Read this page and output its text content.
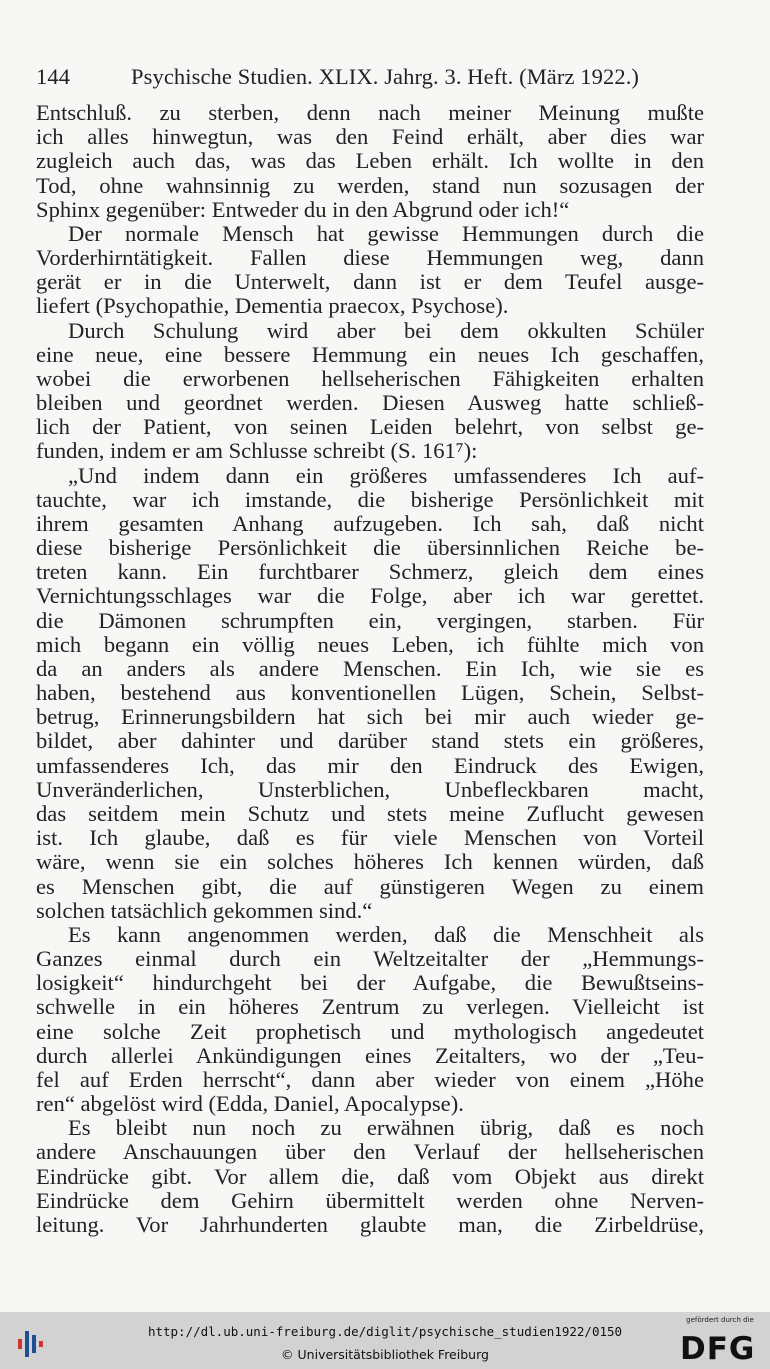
144	Psychische Studien. XLIX. Jahrg. 3. Heft. (März 1922.)
Entschluß. zu sterben, denn nach meiner Meinung mußte
ich alles hinwegtun, was den Feind erhält, aber dies war
zugleich auch das, was das Leben erhält. Ich wollte in den
Tod, ohne wahnsinnig zu werden, stand nun sozusagen der
Sphinx gegenüber: Entweder du in den Abgrund oder ich!“
Der normale Mensch hat gewisse Hemmungen durch die
Vorderhirntätigkeit. Fallen diese Hemmungen weg, dann
gerät er in die Unterwelt, dann ist er dem Teufel ausge-
liefert (Psychopathie, Dementia praecox, Psychose).
Durch Schulung wird aber bei dem okkulten Schüler
eine neue, eine bessere Hemmung ein neues Ich geschaffen,
wobei die erworbenen hellseherischen Fähigkeiten erhalten
bleiben und geordnet werden. Diesen Ausweg hatte schließ-
lich der Patient, von seinen Leiden belehrt, von selbst ge-
funden, indem er am Schlusse schreibt (S. 161⁷):
„Und indem dann ein größeres umfassenderes Ich auf-
tauchte, war ich imstande, die bisherige Persönlichkeit mit
ihrem gesamten Anhang aufzugeben. Ich sah, daß nicht
diese bisherige Persönlichkeit die übersinnlichen Reiche be-
treten kann. Ein furchtbarer Schmerz, gleich dem eines
Vernichtungsschlages war die Folge, aber ich war gerettet.
die Dämonen schrumpften ein, vergingen, starben. Für
mich begann ein völlig neues Leben, ich fühlte mich von
da an anders als andere Menschen. Ein Ich, wie sie es
haben, bestehend aus konventionellen Lügen, Schein, Selbst-
betrug, Erinnerungsbildern hat sich bei mir auch wieder ge-
bildet, aber dahinter und darüber stand stets ein größeres,
umfassenderes Ich, das mir den Eindruck des Ewigen,
Unveränderlichen, Unsterblichen, Unbefleckbaren macht,
das seitdem mein Schutz und stets meine Zuflucht gewesen
ist. Ich glaube, daß es für viele Menschen von Vorteil
wäre, wenn sie ein solches höheres Ich kennen würden, daß
es Menschen gibt, die auf günstigeren Wegen zu einem
solchen tatsächlich gekommen sind.“
Es kann angenommen werden, daß die Menschheit als
Ganzes einmal durch ein Weltzeitalter der „Hemmungs-
losigkeit“ hindurchgeht bei der Aufgabe, die Bewußtseins-
schwelle in ein höheres Zentrum zu verlegen. Vielleicht ist
eine solche Zeit prophetisch und mythologisch angedeutet
durch allerlei Ankündigungen eines Zeitalters, wo der „Teu-
fel auf Erden herrscht“, dann aber wieder von einem „Höhe
ren“ abgelöst wird (Edda, Daniel, Apocalypse).
Es bleibt nun noch zu erwähnen übrig, daß es noch
andere Anschauungen über den Verlauf der hellseherischen
Eindrücke gibt. Vor allem die, daß vom Objekt aus direkt
Eindrücke dem Gehirn übermittelt werden ohne Nerven-
leitung. Vor Jahrhunderten glaubte man, die Zirbeldrüse,
http://dl.ub.uni-freiburg.de/diglit/psychische_studien1922/0150
© Universitätsbibliothek Freiburg
gefördert durch die
DFG
